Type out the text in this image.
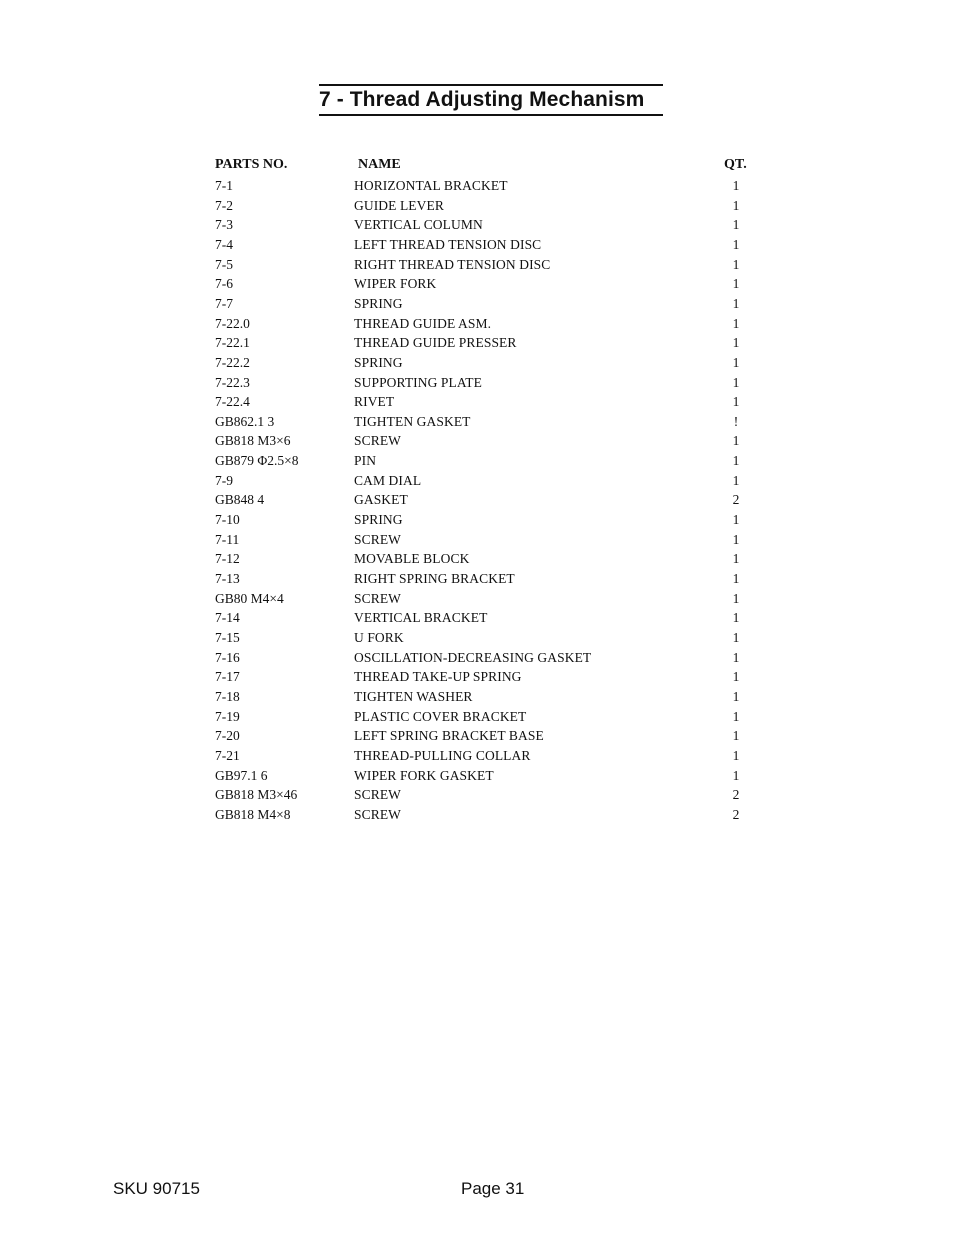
7 - Thread Adjusting Mechanism
PARTS NO.	NAME	QT.
7-1	HORIZONTAL BRACKET	1
7-2	GUIDE LEVER	1
7-3	VERTICAL COLUMN	1
7-4	LEFT THREAD TENSION DISC	1
7-5	RIGHT THREAD TENSION DISC	1
7-6	WIPER FORK	1
7-7	SPRING	1
7-22.0	THREAD GUIDE ASM.	1
7-22.1	THREAD GUIDE PRESSER	1
7-22.2	SPRING	1
7-22.3	SUPPORTING PLATE	1
7-22.4	RIVET	1
GB862.1 3	TIGHTEN GASKET	!
GB818 M3×6	SCREW	1
GB879 Φ2.5×8	PIN	1
7-9	CAM DIAL	1
GB848 4	GASKET	2
7-10	SPRING	1
7-11	SCREW	1
7-12	MOVABLE BLOCK	1
7-13	RIGHT SPRING BRACKET	1
GB80 M4×4	SCREW	1
7-14	VERTICAL BRACKET	1
7-15	U FORK	1
7-16	OSCILLATION-DECREASING GASKET	1
7-17	THREAD TAKE-UP SPRING	1
7-18	TIGHTEN WASHER	1
7-19	PLASTIC COVER BRACKET	1
7-20	LEFT SPRING BRACKET BASE	1
7-21	THREAD-PULLING COLLAR	1
GB97.1 6	WIPER FORK GASKET	1
GB818 M3×46	SCREW	2
GB818 M4×8	SCREW	2
SKU 90715	Page 31
